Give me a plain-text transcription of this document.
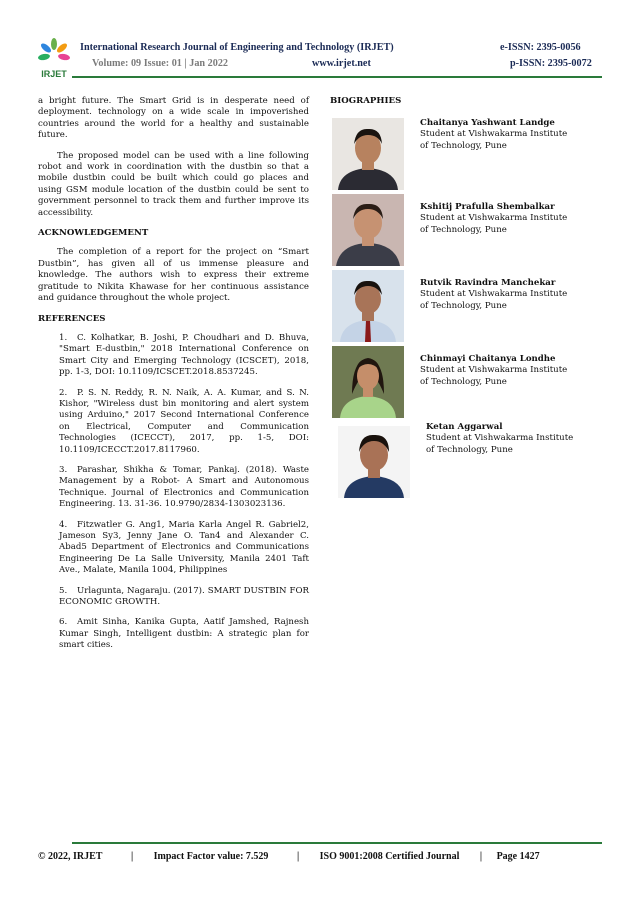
IRJET
International Research Journal of Engineering and Technology (IRJET)	e-ISSN: 2395-0056
Volume: 09 Issue: 01 | Jan 2022	www.irjet.net	p-ISSN: 2395-0072

a bright future. The Smart Grid is in desperate need of deployment. technology on a wide scale in impoverished countries around the world for a healthy and sustainable future.

The proposed model can be used with a line following robot and work in coordination with the dustbin so that a mobile dustbin could be built which could go places and using GSM module location of the dustbin could be sent to government personnel to track them and further improve its accessibility.

ACKNOWLEDGEMENT

The completion of a report for the project on “Smart Dustbin”, has given all of us immense pleasure and knowledge. The authors wish to express their extreme gratitude to Nikita Khawase for her continuous assistance and guidance throughout the whole project.

REFERENCES

1. C. Kolhatkar, B. Joshi, P. Choudhari and D. Bhuva, "Smart E-dustbin," 2018 International Conference on Smart City and Emerging Technology (ICSCET), 2018, pp. 1-3, DOI: 10.1109/ICSCET.2018.8537245.

2. P. S. N. Reddy, R. N. Naik, A. A. Kumar, and S. N. Kishor, "Wireless dust bin monitoring and alert system using Arduino," 2017 Second International Conference on Electrical, Computer and Communication Technologies (ICECCT), 2017, pp. 1-5, DOI: 10.1109/ICECCT.2017.8117960.

3. Parashar, Shikha & Tomar, Pankaj. (2018). Waste Management by a Robot- A Smart and Autonomous Technique. Journal of Electronics and Communication Engineering. 13. 31-36. 10.9790/2834-1303023136.

4. Fitzwatler G. Ang1, Maria Karla Angel R. Gabriel2, Jameson Sy3, Jenny Jane O. Tan4 and Alexander C. Abad5 Department of Electronics and Communications Engineering De La Salle University, Manila 2401 Taft Ave., Malate, Manila 1004, Philippines

5. Urlagunta, Nagaraju. (2017). SMART DUSTBIN FOR ECONOMIC GROWTH.

6. Amit Sinha, Kanika Gupta, Aatif Jamshed, Rajnesh Kumar Singh, Intelligent dustbin: A strategic plan for smart cities.

BIOGRAPHIES
Chaitanya Yashwant Landge
Student at Vishwakarma Institute
of Technology, Pune
Kshitij Prafulla Shembalkar
Student at Vishwakarma Institute
of Technology, Pune
Rutvik Ravindra Manchekar
Student at Vishwakarma Institute
of Technology, Pune
Chinmayi Chaitanya Londhe
Student at Vishwakarma Institute
of Technology, Pune
Ketan Aggarwal
Student at Vishwakarma Institute
of Technology, Pune
© 2022, IRJET	| Impact Factor value: 7.529	| ISO 9001:2008 Certified Journal | Page 1427
